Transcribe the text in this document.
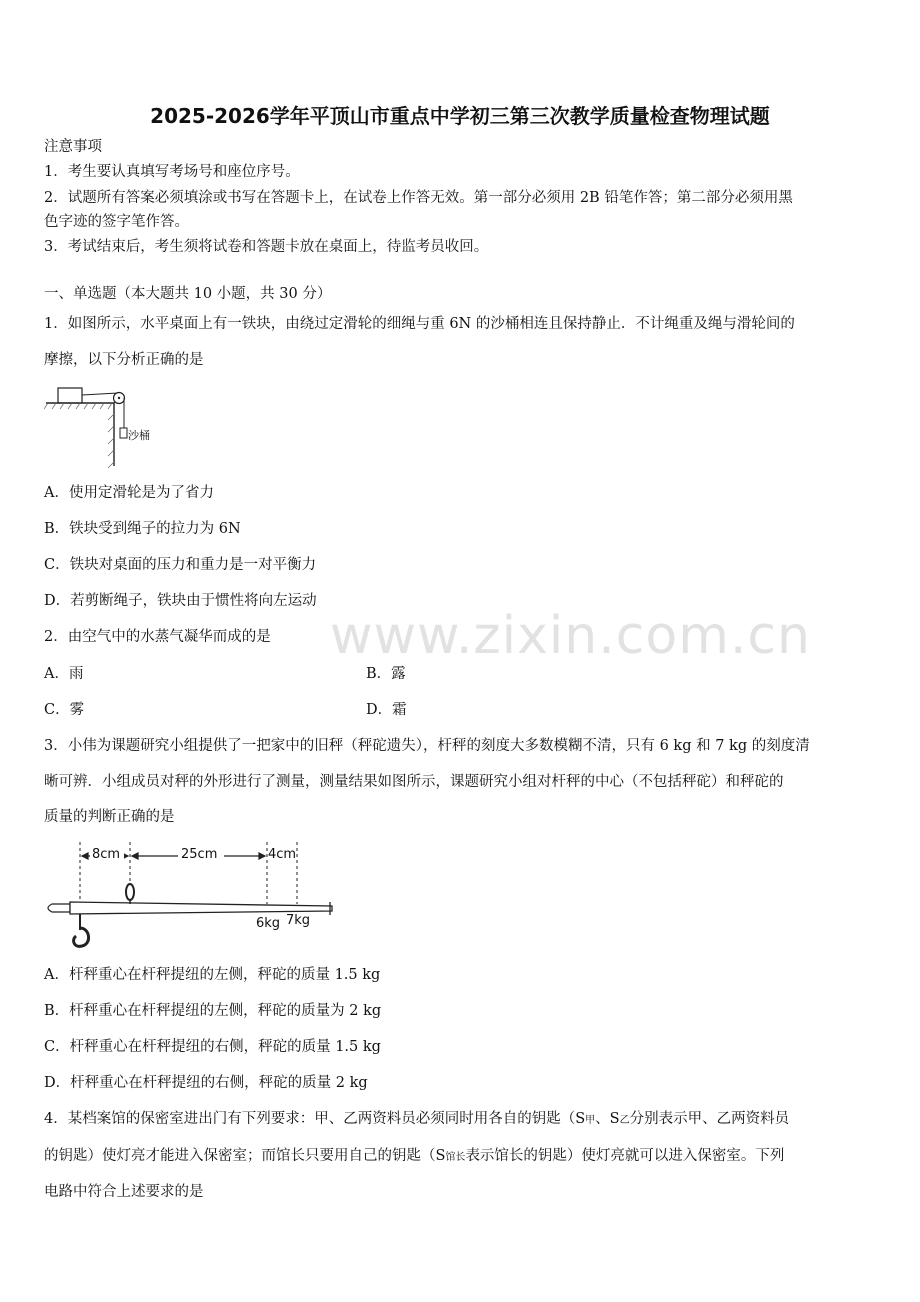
2025-2026学年平顶山市重点中学初三第三次教学质量检查物理试题
注意事项
1．考生要认真填写考场号和座位序号。
2．试题所有答案必须填涂或书写在答题卡上，在试卷上作答无效。第一部分必须用 2B 铅笔作答；第二部分必须用黑
色字迹的签字笔作答。
3．考试结束后，考生须将试卷和答题卡放在桌面上，待监考员收回。
一、单选题（本大题共 10 小题，共 30 分）
1．如图所示，水平桌面上有一铁块，由绕过定滑轮的细绳与重 6N 的沙桶相连且保持静止．不计绳重及绳与滑轮间的
摩擦，以下分析正确的是
沙桶
A．使用定滑轮是为了省力
B．铁块受到绳子的拉力为 6N
C．铁块对桌面的压力和重力是一对平衡力
D．若剪断绳子，铁块由于惯性将向左运动
2．由空气中的水蒸气凝华而成的是
A．雨	B．露
C．雾	D．霜
3．小伟为课题研究小组提供了一把家中的旧秤（秤砣遗失），杆秤的刻度大多数模糊不清，只有 6 kg 和 7 kg 的刻度清
晰可辨．小组成员对秤的外形进行了测量，测量结果如图所示，课题研究小组对杆秤的中心（不包括秤砣）和秤砣的
质量的判断正确的是
8cm	25cm	4cm
6kg 7kg
A．杆秤重心在杆秤提纽的左侧，秤砣的质量 1.5 kg
B．杆秤重心在杆秤提纽的左侧，秤砣的质量为 2 kg
C．杆秤重心在杆秤提纽的右侧，秤砣的质量 1.5 kg
D．杆秤重心在杆秤提纽的右侧，秤砣的质量 2 kg
4．某档案馆的保密室进出门有下列要求：甲、乙两资料员必须同时用各自的钥匙（S甲、S乙分别表示甲、乙两资料员
的钥匙）使灯亮才能进入保密室；而馆长只要用自己的钥匙（S馆长表示馆长的钥匙）使灯亮就可以进入保密室。下列
电路中符合上述要求的是
www.zixin.com.cn
